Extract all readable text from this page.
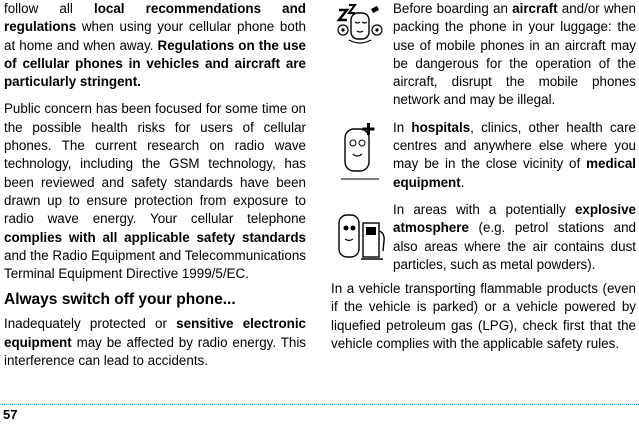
follow all local recommendations and regulations when using your cellular phone both at home and when away. Regulations on the use of cellular phones in vehicles and aircraft are particularly stringent.

Public concern has been focused for some time on the possible health risks for users of cellular phones. The current research on radio wave technology, including the GSM technology, has been reviewed and safety standards have been drawn up to ensure protection from exposure to radio wave energy. Your cellular telephone complies with all applicable safety standards and the Radio Equipment and Telecommunications Terminal Equipment Directive 1999/5/EC.

Always switch off your phone...

Inadequately protected or sensitive electronic equipment may be affected by radio energy. This interference can lead to accidents.

Before boarding an aircraft and/or when packing the phone in your luggage: the use of mobile phones in an aircraft may be dangerous for the operation of the aircraft, disrupt the mobile phones network and may be illegal.

In hospitals, clinics, other health care centres and anywhere else where you may be in the close vicinity of medical equipment.

In areas with a potentially explosive atmosphere (e.g. petrol stations and also areas where the air contains dust particles, such as metal powders).

In a vehicle transporting flammable products (even if the vehicle is parked) or a vehicle powered by liquefied petroleum gas (LPG), check first that the vehicle complies with the applicable safety rules.

57
